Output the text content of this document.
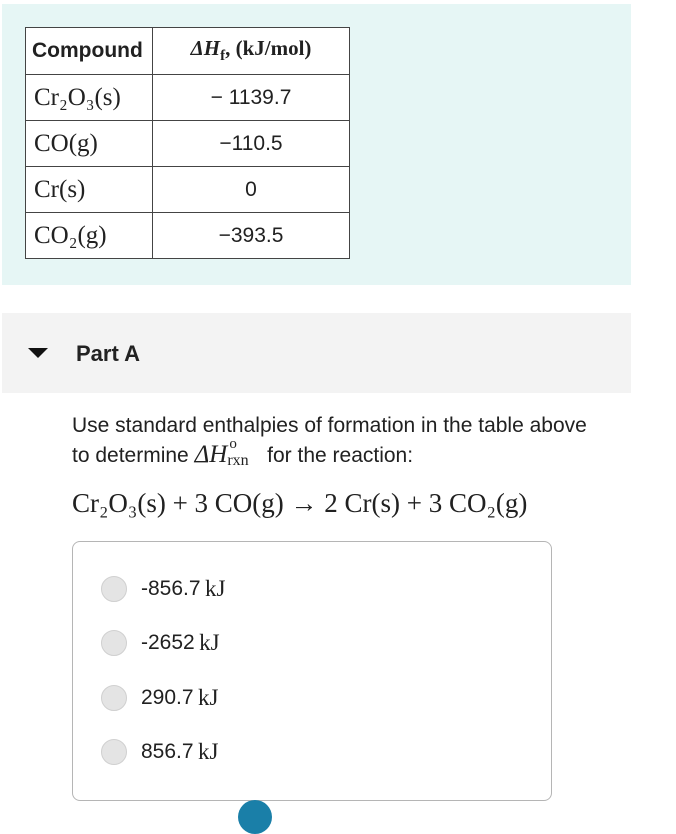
Compound	$\Delta H_f$, (kJ/mol)
Cr₂O₃(s)	− 1139.7
CO(g)	−110.5
Cr(s)	0
CO₂(g)	−393.5
Part A
Use standard enthalpies of formation in the table above to determine ΔH o
rxn for the reaction:
Cr₂O₃(s) + 3 CO(g) → 2 Cr(s) + 3 CO₂(g)
-856.7
kJ
-2652
kJ
290.7
kJ
856.7
kJ
